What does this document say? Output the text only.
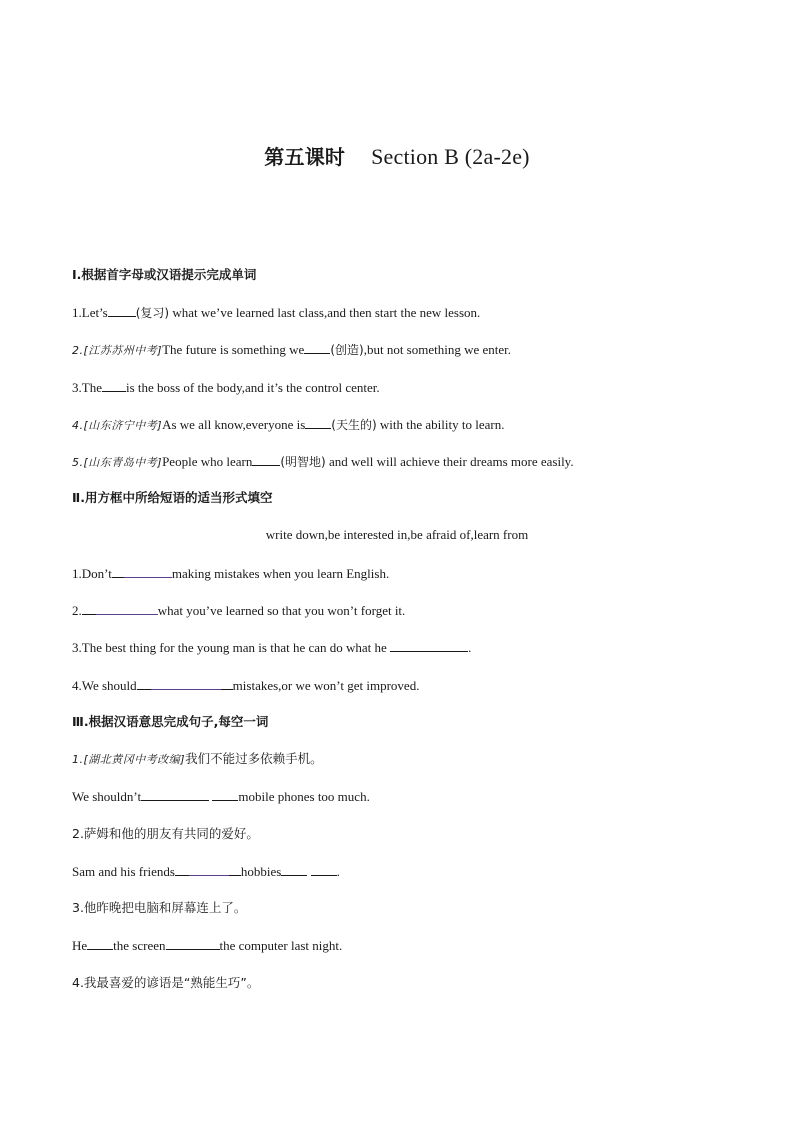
第五课时 Section B (2a-2e)
Ⅰ.根据首字母或汉语提示完成单词
1.Let’s (复习) what we’ve learned last class,and then start the new lesson.
2.[江苏苏州中考]The future is something we (创造),but not something we enter.
3.The is the boss of the body,and it’s the control center.
4.[山东济宁中考]As we all know,everyone is (天生的) with the ability to learn.
5.[山东青岛中考]People who learn (明智地) and well will achieve their dreams more easily.
Ⅱ.用方框中所给短语的适当形式填空
write down,be interested in,be afraid of,learn from
1.Don’t	making mistakes when you learn English.
2.	what you’ve learned so that you won’t forget it.
3.The best thing for the young man is that he can do what he	.
4.We should	mistakes,or we won’t get improved.
Ⅲ.根据汉语意思完成句子,每空一词
1.[湖北黄冈中考改编]我们不能过多依赖手机。
We shouldn’t	mobile phones too much.
2.萨姆和他的朋友有共同的爱好。
Sam and his friends	hobbies	.
3.他昨晚把电脑和屏幕连上了。
He the screen	the computer last night.
4.我最喜爱的谚语是“熟能生巧”。
